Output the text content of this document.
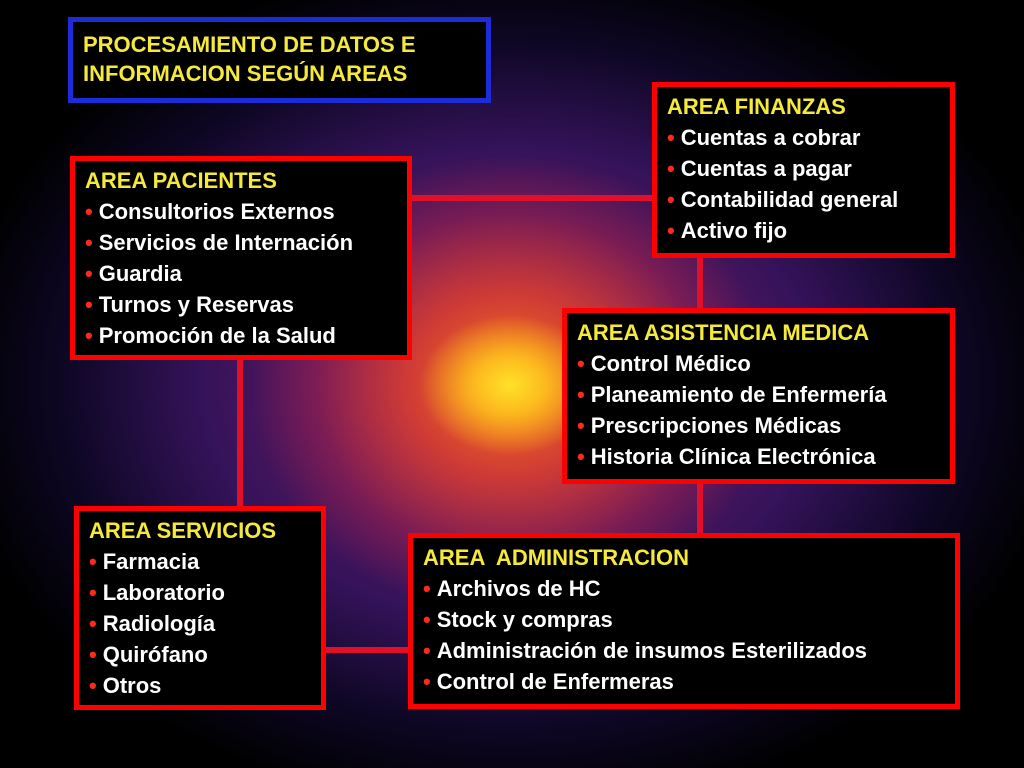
PROCESAMIENTO DE DATOS E
INFORMACION SEGÚN AREAS
AREA PACIENTES
• Consultorios Externos
• Servicios de Internación
• Guardia
• Turnos y Reservas
• Promoción de la Salud
AREA FINANZAS
• Cuentas a cobrar
• Cuentas a pagar
• Contabilidad general
• Activo fijo
AREA ASISTENCIA MEDICA
• Control Médico
• Planeamiento de Enfermería
• Prescripciones Médicas
• Historia Clínica Electrónica
AREA SERVICIOS
• Farmacia
• Laboratorio
• Radiología
• Quirófano
• Otros
AREA  ADMINISTRACION
• Archivos de HC
• Stock y compras
• Administración de insumos Esterilizados
• Control de Enfermeras
